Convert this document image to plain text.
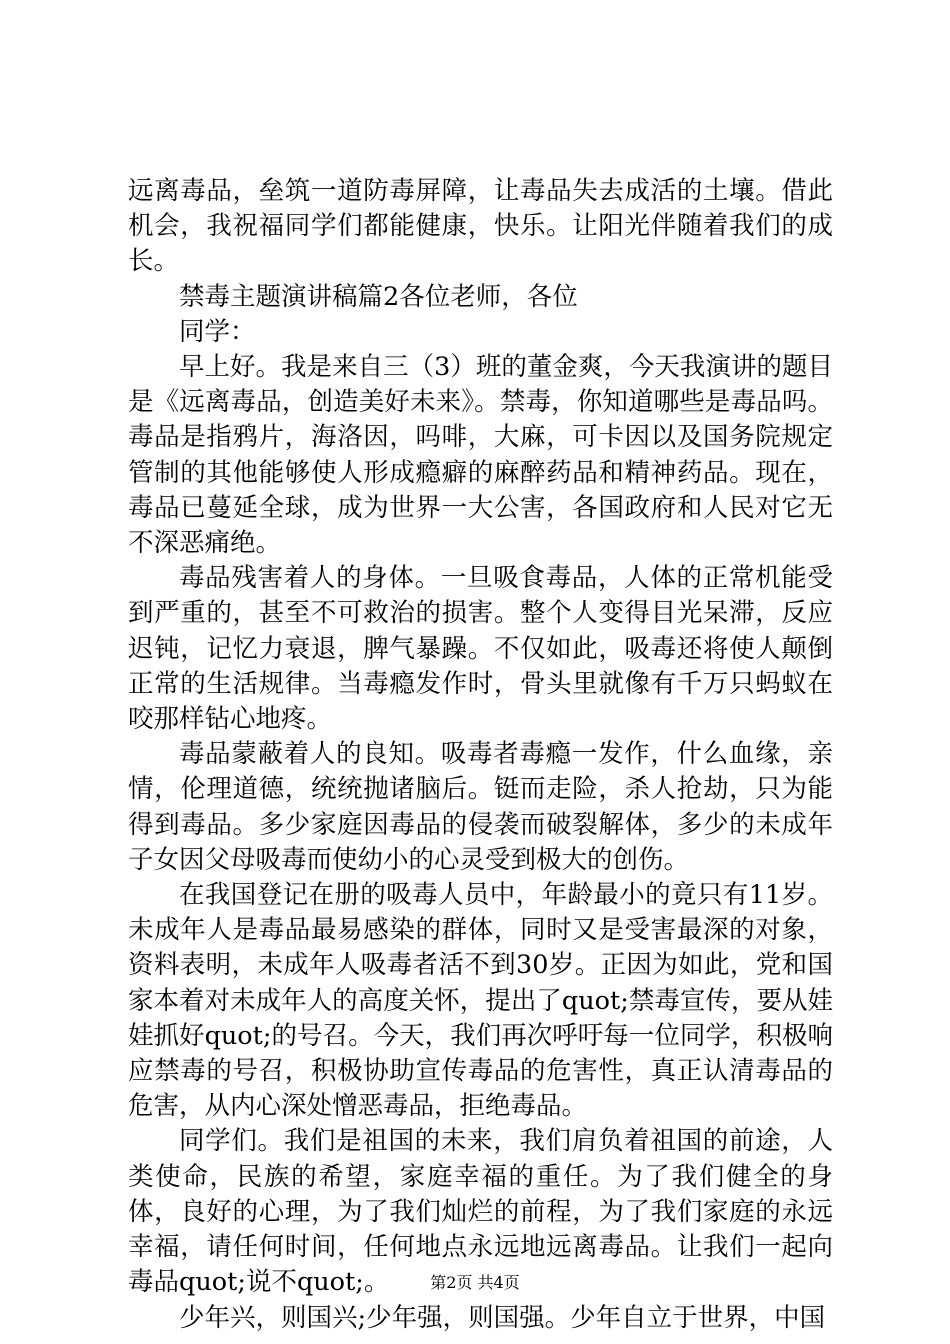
远离毒品，垒筑一道防毒屏障，让毒品失去成活的土壤。借此机会，我祝福同学们都能健康，快乐。让阳光伴随着我们的成长。

禁毒主题演讲稿篇2各位老师，各位

同学：

早上好。我是来自三（3）班的董金爽，今天我演讲的题目是《远离毒品，创造美好未来》。禁毒，你知道哪些是毒品吗。毒品是指鸦片，海洛因，吗啡，大麻，可卡因以及国务院规定管制的其他能够使人形成瘾癖的麻醉药品和精神药品。现在，毒品已蔓延全球，成为世界一大公害，各国政府和人民对它无不深恶痛绝。

毒品残害着人的身体。一旦吸食毒品，人体的正常机能受到严重的，甚至不可救治的损害。整个人变得目光呆滞，反应迟钝，记忆力衰退，脾气暴躁。不仅如此，吸毒还将使人颠倒正常的生活规律。当毒瘾发作时，骨头里就像有千万只蚂蚁在咬那样钻心地疼。

毒品蒙蔽着人的良知。吸毒者毒瘾一发作，什么血缘，亲情，伦理道德，统统抛诸脑后。铤而走险，杀人抢劫，只为能得到毒品。多少家庭因毒品的侵袭而破裂解体，多少的未成年子女因父母吸毒而使幼小的心灵受到极大的创伤。

在我国登记在册的吸毒人员中，年龄最小的竟只有11岁。未成年人是毒品最易感染的群体，同时又是受害最深的对象，资料表明，未成年人吸毒者活不到30岁。正因为如此，党和国家本着对未成年人的高度关怀，提出了quot;禁毒宣传，要从娃娃抓好quot;的号召。今天，我们再次呼吁每一位同学，积极响应禁毒的号召，积极协助宣传毒品的危害性，真正认清毒品的危害，从内心深处憎恶毒品，拒绝毒品。

同学们。我们是祖国的未来，我们肩负着祖国的前途，人类使命，民族的希望，家庭幸福的重任。为了我们健全的身体，良好的心理，为了我们灿烂的前程，为了我们家庭的永远幸福，请任何时间，任何地点永远地远离毒品。让我们一起向毒品quot;说不quot;。

少年兴，则国兴;少年强，则国强。少年自立于世界，中国

第2页 共4页
